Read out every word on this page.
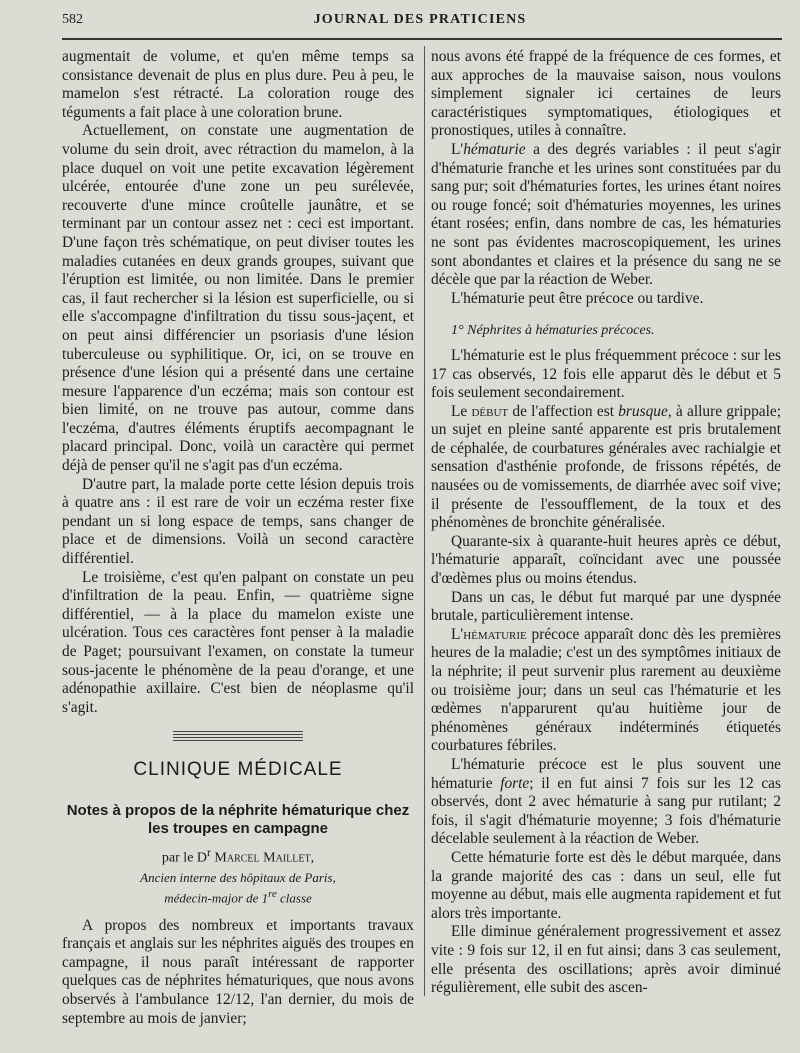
582	JOURNAL DES PRATICIENS

augmentait de volume, et qu'en même temps sa consistance devenait de plus en plus dure. Peu à peu, le mamelon s'est rétracté. La coloration rouge des téguments a fait place à une coloration brune.

Actuellement, on constate une augmentation de volume du sein droit, avec rétraction du mamelon, à la place duquel on voit une petite excavation légèrement ulcérée, entourée d'une zone un peu surélevée, recouverte d'une mince croûtelle jaunâtre, et se terminant par un contour assez net : ceci est important. D'une façon très schématique, on peut diviser toutes les maladies cutanées en deux grands groupes, suivant que l'éruption est limitée, ou non limitée. Dans le premier cas, il faut rechercher si la lésion est superficielle, ou si elle s'accompagne d'infiltration du tissu sous-jaçent, et on peut ainsi différencier un psoriasis d'une lésion tuberculeuse ou syphilitique. Or, ici, on se trouve en présence d'une lésion qui a présenté dans une certaine mesure l'apparence d'un eczéma; mais son contour est bien limité, on ne trouve pas autour, comme dans l'eczéma, d'autres éléments éruptifs aecompagnant le placard principal. Donc, voilà un caractère qui permet déjà de penser qu'il ne s'agit pas d'un eczéma.

D'autre part, la malade porte cette lésion depuis trois à quatre ans : il est rare de voir un eczéma rester fixe pendant un si long espace de temps, sans changer de place et de dimensions. Voilà un second caractère différentiel.

Le troisième, c'est qu'en palpant on constate un peu d'infiltration de la peau. Enfin, — quatrième signe différentiel, — à la place du mamelon existe une ulcération. Tous ces caractères font penser à la maladie de Paget; poursuivant l'examen, on constate la tumeur sous-jacente le phénomène de la peau d'orange, et une adénopathie axillaire. C'est bien de néoplasme qu'il s'agit.

CLINIQUE MÉDICALE
Notes à propos de la néphrite hématurique chez les troupes en campagne
par le $D^r$ Marcel Maillet,
Ancien interne des hôpitaux de Paris,
médecin-major de 1re classe

A propos des nombreux et importants travaux français et anglais sur les néphrites aiguës des troupes en campagne, il nous paraît intéressant de rapporter quelques cas de néphrites hématuriques, que nous avons observés à l'ambulance 12/12, l'an dernier, du mois de septembre au mois de janvier;

nous avons été frappé de la fréquence de ces formes, et aux approches de la mauvaise saison, nous voulons simplement signaler ici certaines de leurs caractéristiques symptomatiques, étiologiques et pronostiques, utiles à connaître.

L'hématurie a des degrés variables : il peut s'agir d'hématurie franche et les urines sont constituées par du sang pur; soit d'hématuries fortes, les urines étant noires ou rouge foncé; soit d'hématuries moyennes, les urines étant rosées; enfin, dans nombre de cas, les hématuries ne sont pas évidentes macroscopiquement, les urines sont abondantes et claires et la présence du sang ne se décèle que par la réaction de Weber.

L'hématurie peut être précoce ou tardive.

1° Néphrites à hématuries précoces.

L'hématurie est le plus fréquemment précoce : sur les 17 cas observés, 12 fois elle apparut dès le début et 5 fois seulement secondairement.

Le début de l'affection est brusque, à allure grippale; un sujet en pleine santé apparente est pris brutalement de céphalée, de courbatures générales avec rachialgie et sensation d'asthénie profonde, de frissons répétés, de nausées ou de vomissements, de diarrhée avec soif vive; il présente de l'essoufflement, de la toux et des phénomènes de bronchite généralisée.

Quarante-six à quarante-huit heures après ce début, l'hématurie apparaît, coïncidant avec une poussée d'œdèmes plus ou moins étendus.

Dans un cas, le début fut marqué par une dyspnée brutale, particulièrement intense.

L'hématurie précoce apparaît donc dès les premières heures de la maladie; c'est un des symptômes initiaux de la néphrite; il peut survenir plus rarement au deuxième ou troisième jour; dans un seul cas l'hématurie et les œdèmes n'apparurent qu'au huitième jour de phénomènes généraux indéterminés étiquetés courbatures fébriles.

L'hématurie précoce est le plus souvent une hématurie forte; il en fut ainsi 7 fois sur les 12 cas observés, dont 2 avec hématurie à sang pur rutilant; 2 fois, il s'agit d'hématurie moyenne; 3 fois d'hématurie décelable seulement à la réaction de Weber.

Cette hématurie forte est dès le début marquée, dans la grande majorité des cas : dans un seul, elle fut moyenne au début, mais elle augmenta rapidement et fut alors très importante.

Elle diminue généralement progressivement et assez vite : 9 fois sur 12, il en fut ainsi; dans 3 cas seulement, elle présenta des oscillations; après avoir diminué régulièrement, elle subit des ascen-
